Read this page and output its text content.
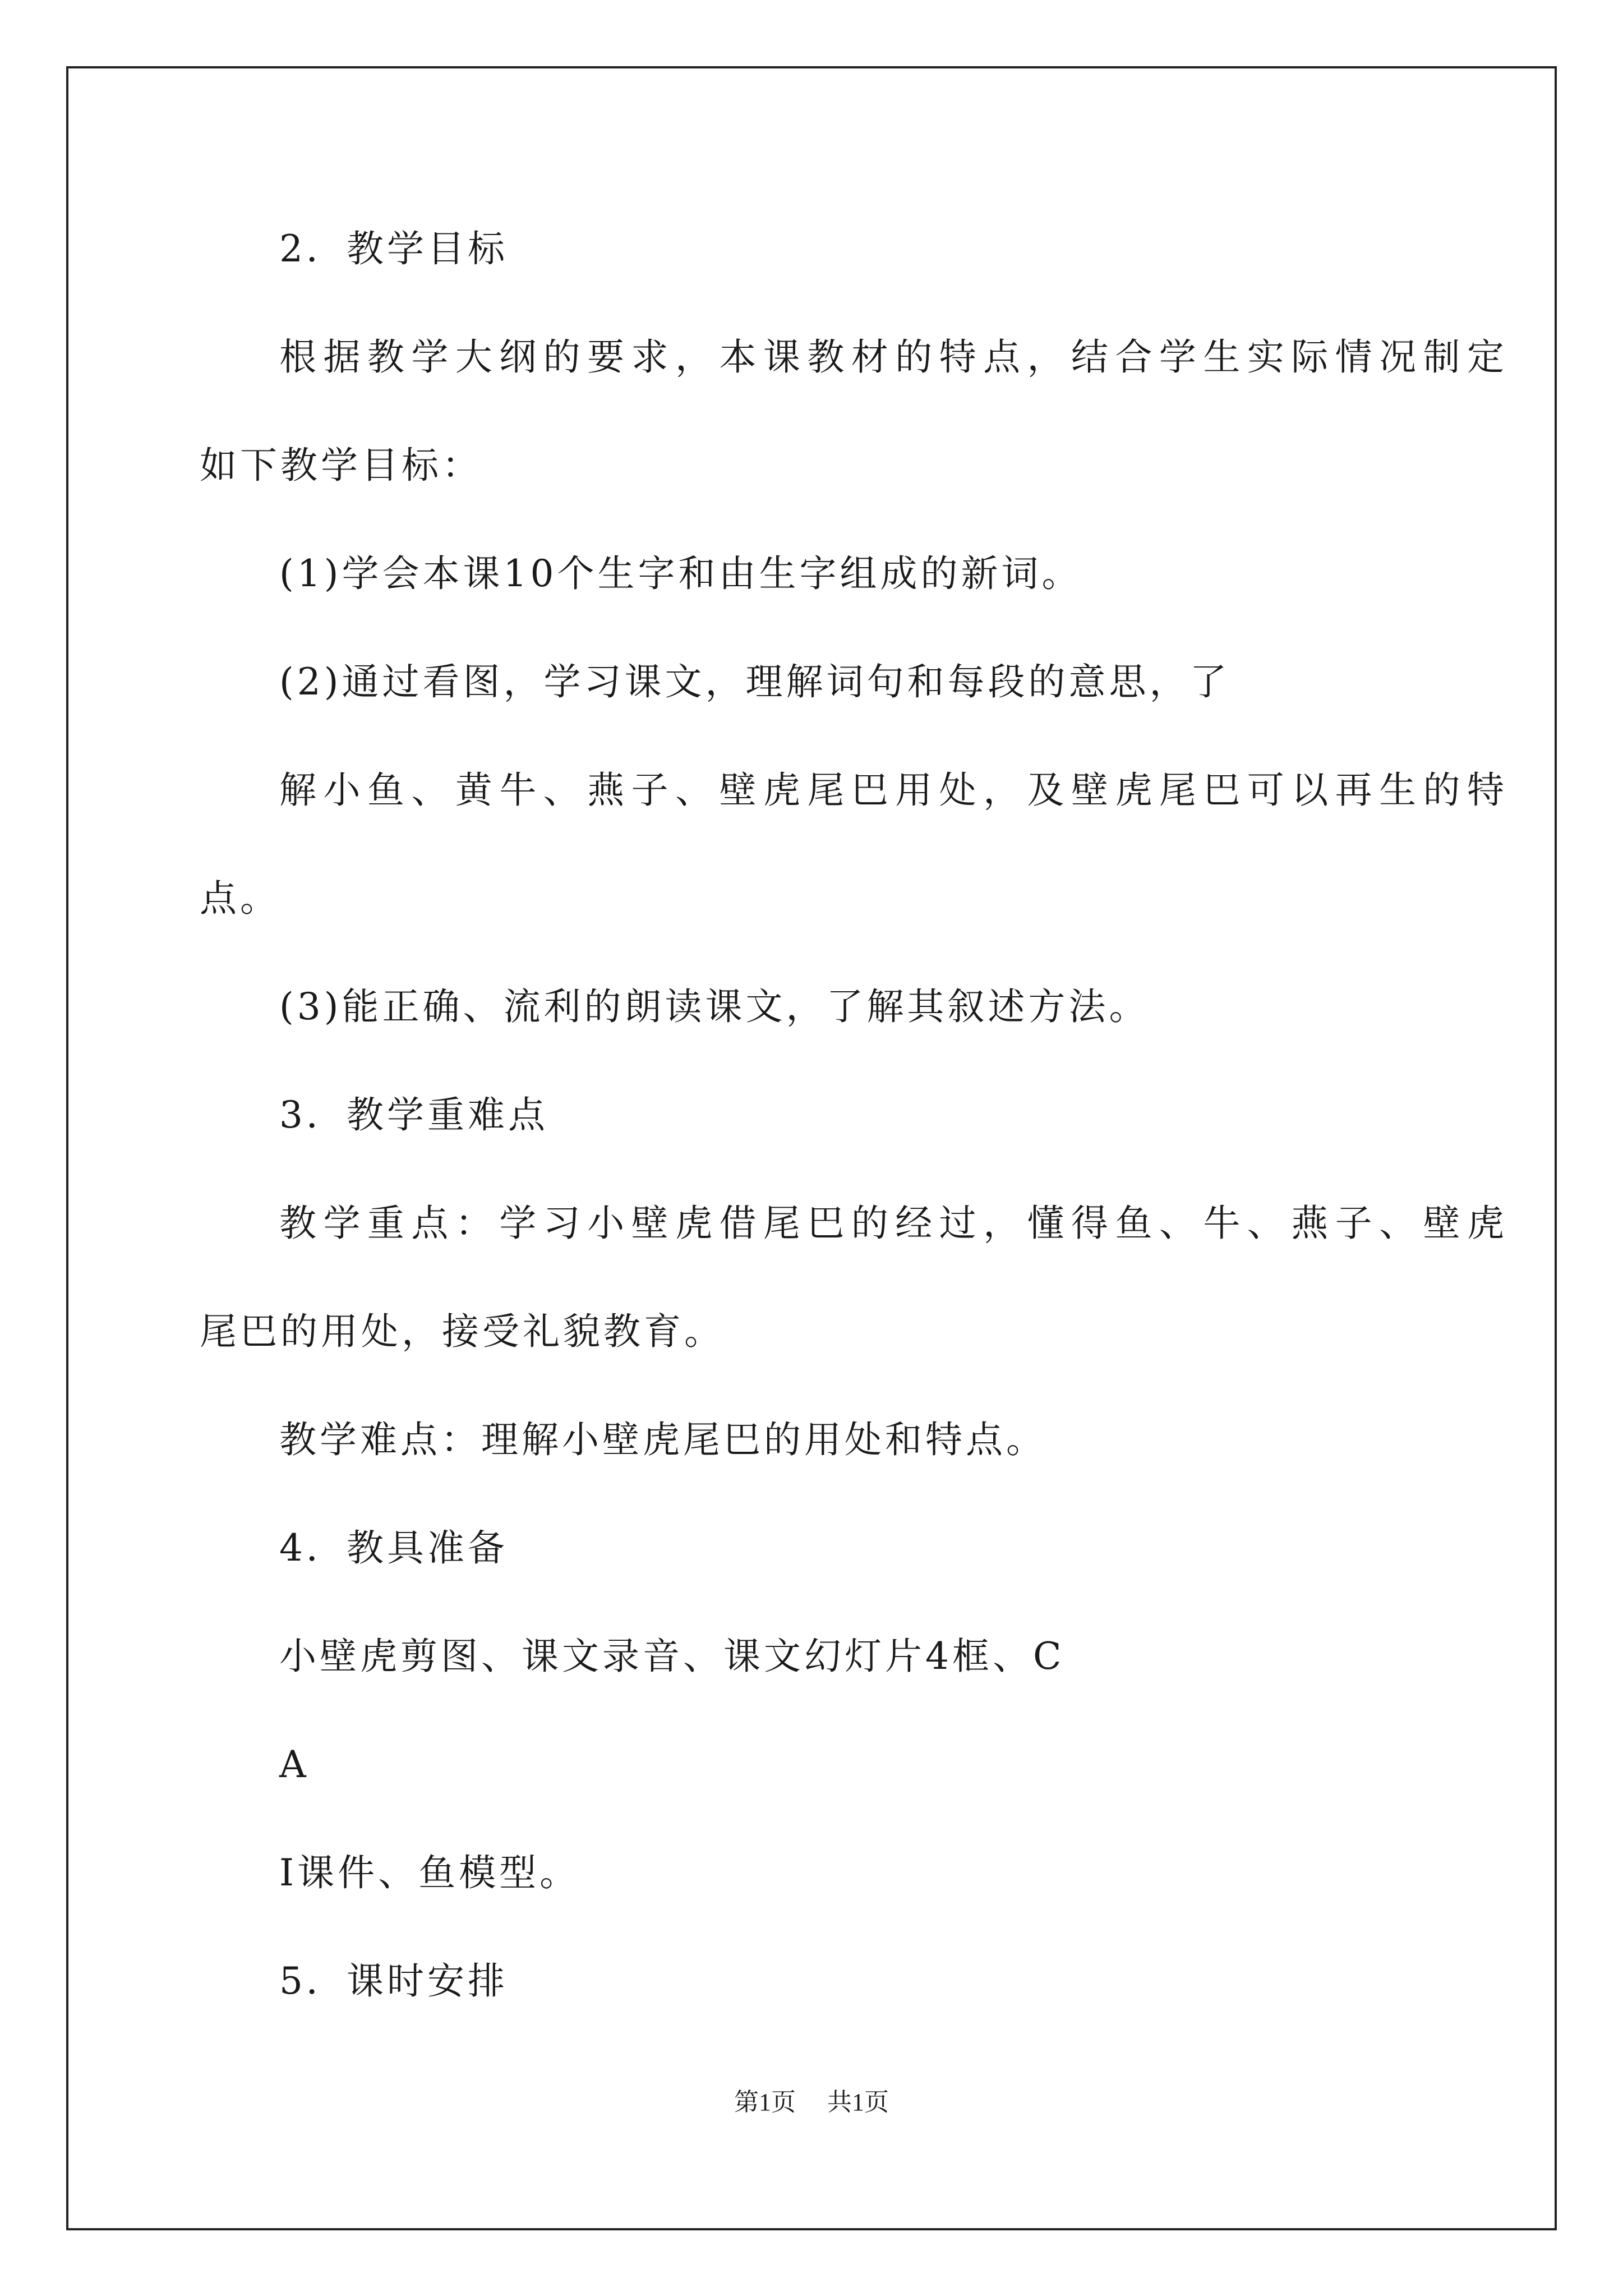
2．教学目标
根据教学大纲的要求，本课教材的特点，结合学生实际情况制定
如下教学目标：
(1)学会本课10个生字和由生字组成的新词。
(2)通过看图，学习课文，理解词句和每段的意思，了
解小鱼、黄牛、燕子、壁虎尾巴用处，及壁虎尾巴可以再生的特
点。
(3)能正确、流利的朗读课文，了解其叙述方法。
3．教学重难点
教学重点：学习小壁虎借尾巴的经过，懂得鱼、牛、燕子、壁虎
尾巴的用处，接受礼貌教育。
教学难点：理解小壁虎尾巴的用处和特点。
4．教具准备
小壁虎剪图、课文录音、课文幻灯片4框、C
A
I课件、鱼模型。
5．课时安排
第1页 共1页
